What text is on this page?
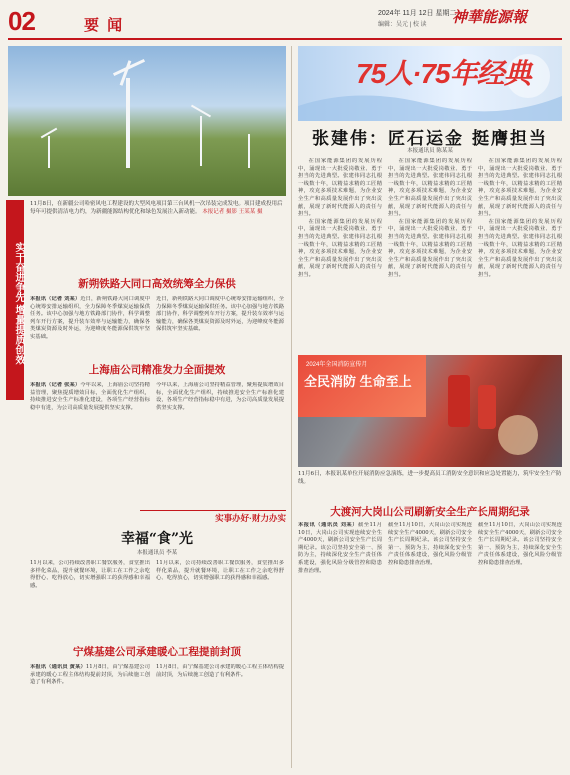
02	要 闻
2024年 11月 12日 星期二
编辑：吴元 | 校 读 神華能源報
实干奋进争先 增量提质创效
11月8日，在新疆公司哈密风电工程建设的大型风电项目第三台风机一次吊装完成发电。项目建成投用后每年可提供清洁电力约，为新疆能源结构优化和绿色发展注入新动能。 本报记者 摄影 王某某 摄
新朔铁路大同口高效统筹全力保供
本报讯（记者 刘某）近日，新朔铁路大同口调度中心统筹安排运输组织，全力保障冬季煤炭运输保供任务。该中心加强与地方铁路部门协作，科学调整列车开行方案，提升装车效率与运输能力，确保各类煤炭资源及时外运，为迎峰度冬能源保供筑牢坚实基础。
近日，新朔铁路大同口调度中心统筹安排运输组织，全力保障冬季煤炭运输保供任务。该中心加强与地方铁路部门协作，科学调整列车开行方案，提升装车效率与运输能力，确保各类煤炭资源及时外运，为迎峰度冬能源保供筑牢坚实基础。
上海庙公司精准发力全面提效
本报讯（记者 张某）今年以来，上海庙公司坚持精益管理，聚焦提质增效目标，全面优化生产组织，持续推进安全生产标准化建设，各项生产经营指标稳中有进，为公司高质量发展提供坚实支撑。
今年以来，上海庙公司坚持精益管理，聚焦提质增效目标，全面优化生产组织，持续推进安全生产标准化建设，各项生产经营指标稳中有进，为公司高质量发展提供坚实支撑。
实事办好·财力办实
幸福“食”光
本报通讯员 李某
11月以来，公司持续改善职工餐饮服务，食堂推出多样化菜品，提升就餐环境，让职工在工作之余吃得舒心、吃得放心，切实增强职工的获得感和幸福感。
11月以来，公司持续改善职工餐饮服务，食堂推出多样化菜品，提升就餐环境，让职工在工作之余吃得舒心、吃得放心，切实增强职工的获得感和幸福感。
宁煤基建公司承建暖心工程提前封顶
本报讯（通讯员 黄某）11月8日，由宁煤基建公司承建的暖心工程主体结构提前封顶，为后续施工创造了有利条件。
11月8日，由宁煤基建公司承建的暖心工程主体结构提前封顶，为后续施工创造了有利条件。
75人·75年经典
张建伟：匠石运金 挺膺担当
本报通讯员 陈某某

在国家能源集团的发展历程中，涌现出一大批爱岗敬业、勇于担当的先进典型。张建伟同志扎根一线数十年，以精益求精的工匠精神，攻克多项技术难题，为企业安全生产和高质量发展作出了突出贡献，展现了新时代能源人的责任与担当。

在国家能源集团的发展历程中，涌现出一大批爱岗敬业、勇于担当的先进典型。张建伟同志扎根一线数十年，以精益求精的工匠精神，攻克多项技术难题，为企业安全生产和高质量发展作出了突出贡献，展现了新时代能源人的责任与担当。

在国家能源集团的发展历程中，涌现出一大批爱岗敬业、勇于担当的先进典型。张建伟同志扎根一线数十年，以精益求精的工匠精神，攻克多项技术难题，为企业安全生产和高质量发展作出了突出贡献，展现了新时代能源人的责任与担当。

在国家能源集团的发展历程中，涌现出一大批爱岗敬业、勇于担当的先进典型。张建伟同志扎根一线数十年，以精益求精的工匠精神，攻克多项技术难题，为企业安全生产和高质量发展作出了突出贡献，展现了新时代能源人的责任与担当。

在国家能源集团的发展历程中，涌现出一大批爱岗敬业、勇于担当的先进典型。张建伟同志扎根一线数十年，以精益求精的工匠精神，攻克多项技术难题，为企业安全生产和高质量发展作出了突出贡献，展现了新时代能源人的责任与担当。

在国家能源集团的发展历程中，涌现出一大批爱岗敬业、勇于担当的先进典型。张建伟同志扎根一线数十年，以精益求精的工匠精神，攻克多项技术难题，为企业安全生产和高质量发展作出了突出贡献，展现了新时代能源人的责任与担当。

2024年全国消防宣传月
全民消防 生命至上
11月6日，本报讯某单位开展消防应急演练，进一步提高员工消防安全意识和应急处置能力，筑牢安全生产防线。
大渡河大岗山公司刷新安全生产长周期纪录
本报讯（通讯员 刘某）截至11月10日，大岗山公司实现连续安全生产4000天，刷新公司安全生产长周期纪录。该公司坚持安全第一、预防为主，持续深化安全生产责任体系建设，强化风险分级管控和隐患排查治理。
截至11月10日，大岗山公司实现连续安全生产4000天，刷新公司安全生产长周期纪录。该公司坚持安全第一、预防为主，持续深化安全生产责任体系建设，强化风险分级管控和隐患排查治理。
截至11月10日，大岗山公司实现连续安全生产4000天，刷新公司安全生产长周期纪录。该公司坚持安全第一、预防为主，持续深化安全生产责任体系建设，强化风险分级管控和隐患排查治理。
